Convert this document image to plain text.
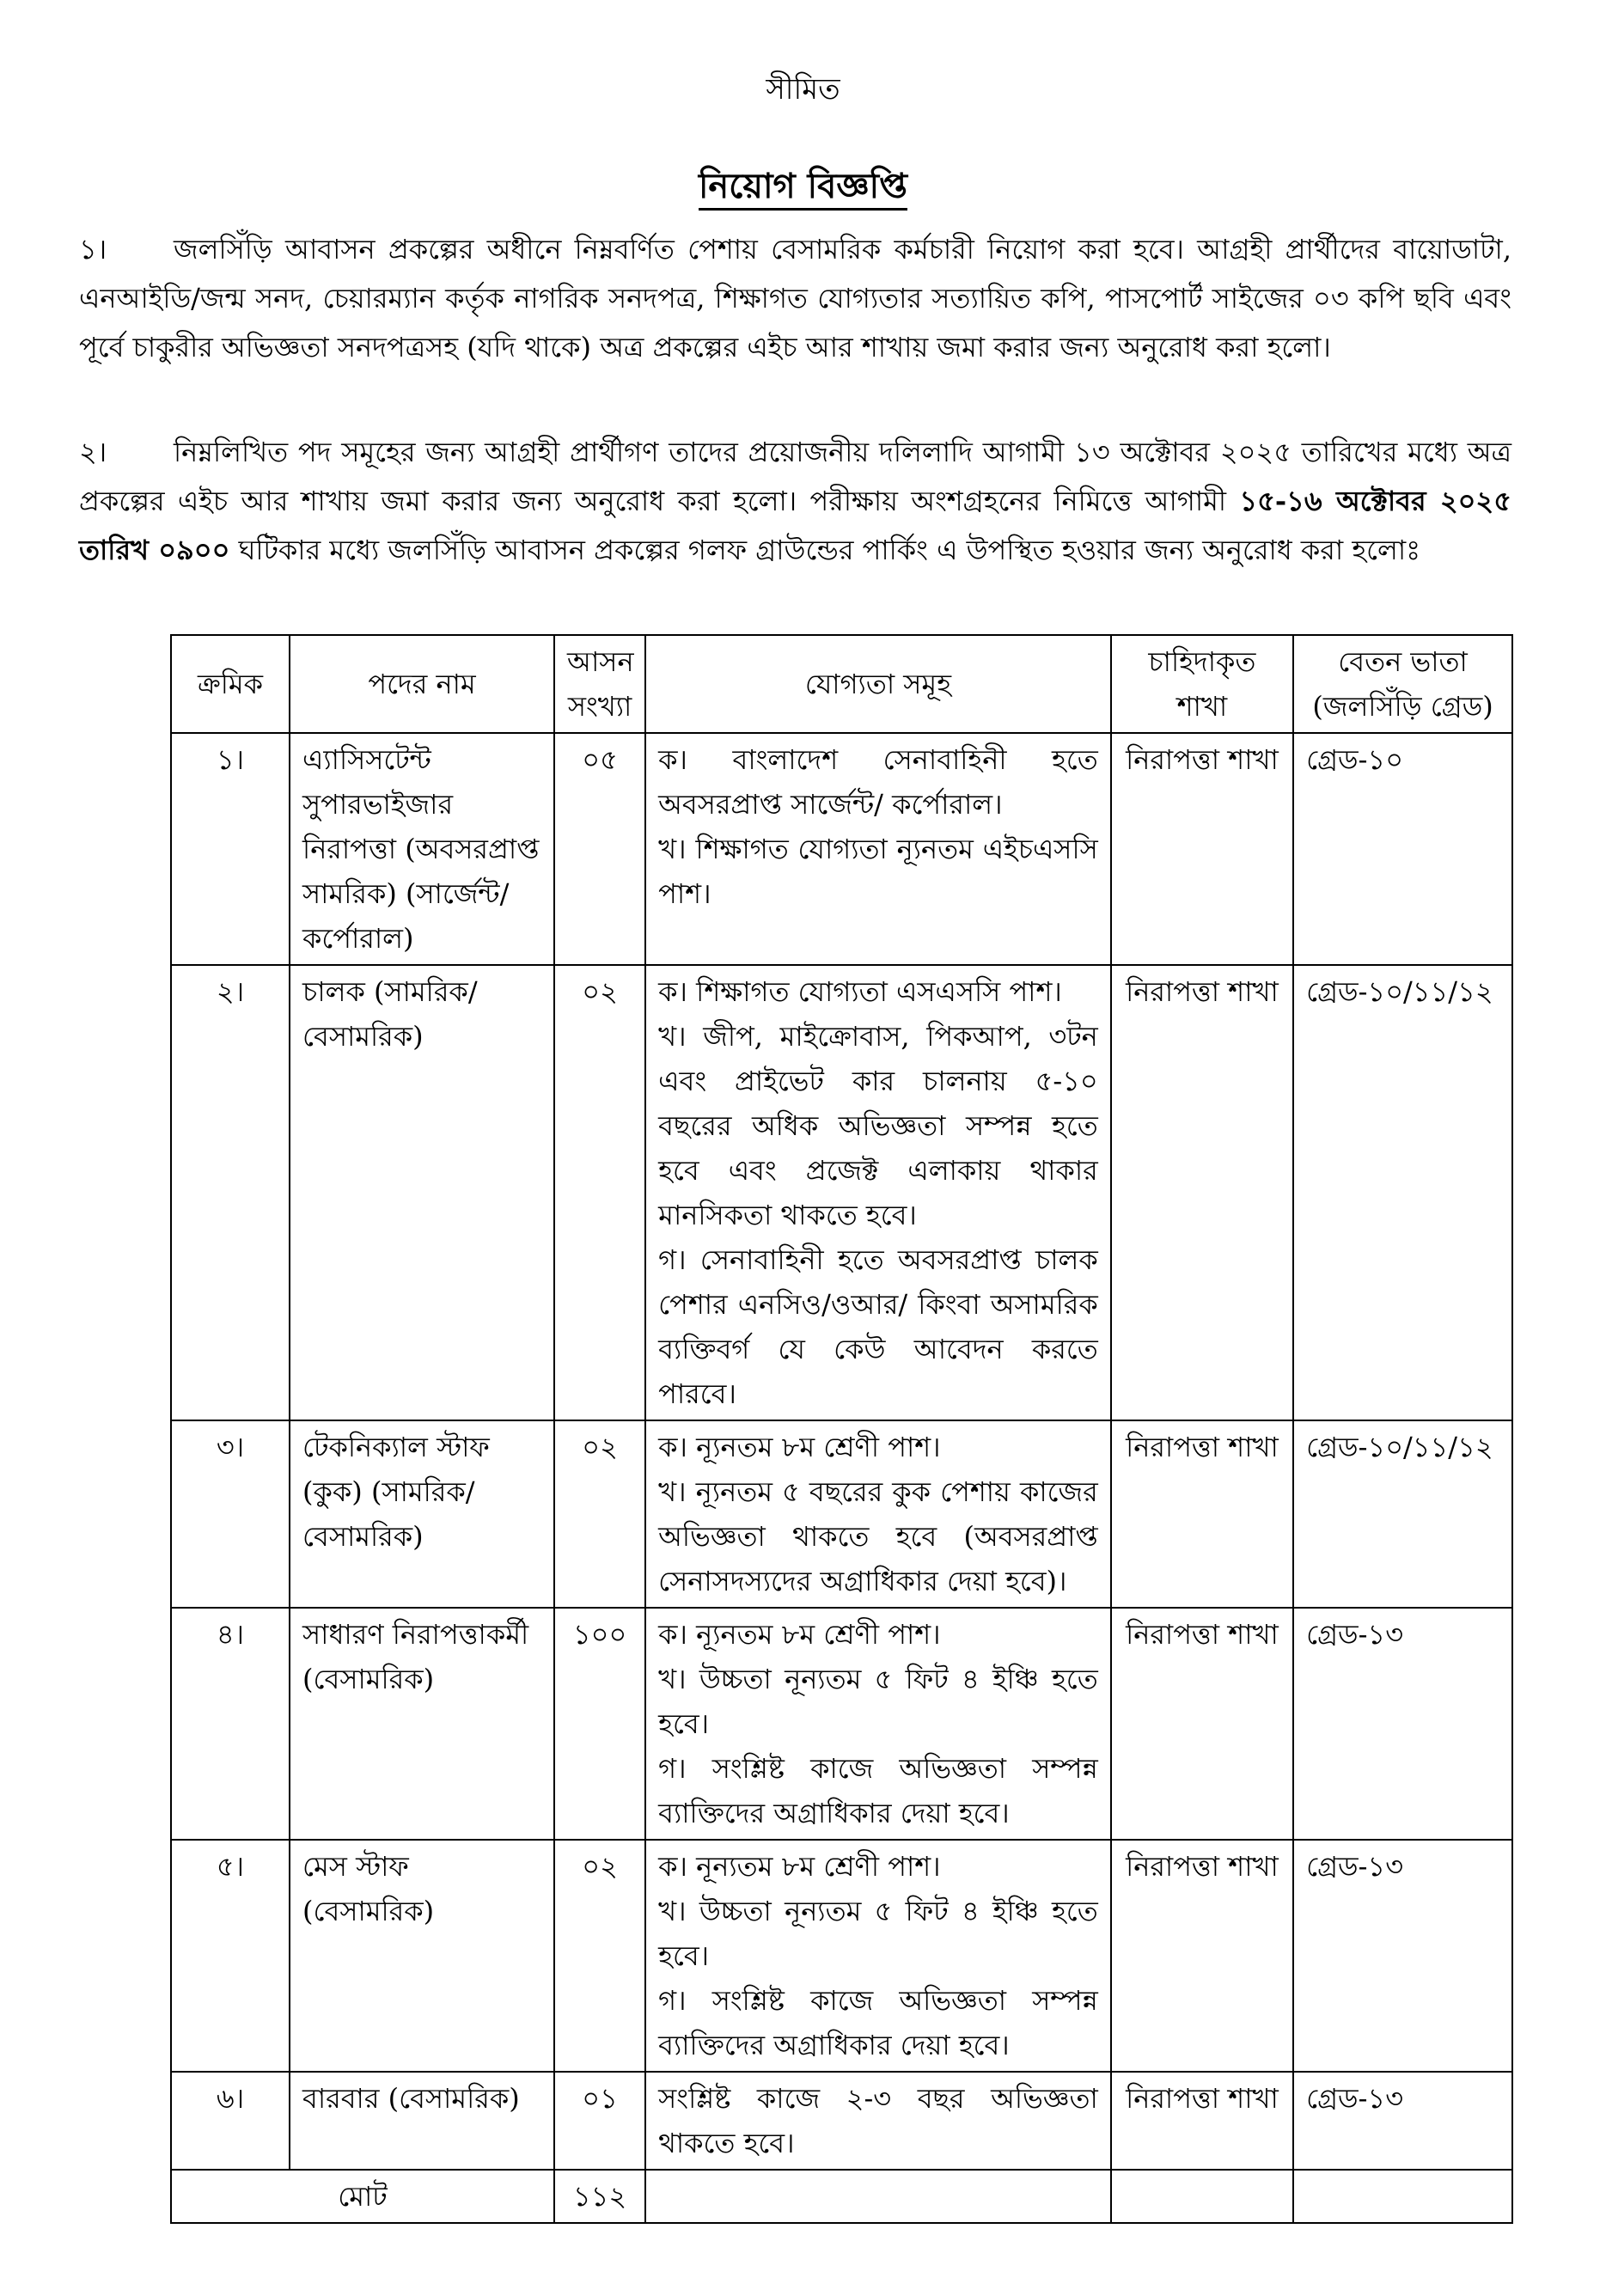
সীমিত
নিয়োগ বিজ্ঞপ্তি
১। জলসিঁড়ি আবাসন প্রকল্পের অধীনে নিম্নবর্ণিত পেশায় বেসামরিক কর্মচারী নিয়োগ করা হবে। আগ্রহী প্রার্থীদের বায়োডাটা, এনআইডি/জন্ম সনদ, চেয়ারম্যান কর্তৃক নাগরিক সনদপত্র, শিক্ষাগত যোগ্যতার সত্যায়িত কপি, পাসপোর্ট সাইজের ০৩ কপি ছবি এবং পূর্বে চাকুরীর অভিজ্ঞতা সনদপত্রসহ (যদি থাকে) অত্র প্রকল্পের এইচ আর শাখায় জমা করার জন্য অনুরোধ করা হলো।
২। নিম্নলিখিত পদ সমূহের জন্য আগ্রহী প্রার্থীগণ তাদের প্রয়োজনীয় দলিলাদি আগামী ১৩ অক্টোবর ২০২৫ তারিখের মধ্যে অত্র প্রকল্পের এইচ আর শাখায় জমা করার জন্য অনুরোধ করা হলো। পরীক্ষায় অংশগ্রহনের নিমিত্তে আগামী ১৫-১৬ অক্টোবর ২০২৫ তারিখ ০৯০০ ঘটিকার মধ্যে জলসিঁড়ি আবাসন প্রকল্পের গলফ গ্রাউন্ডের পার্কিং এ উপস্থিত হওয়ার জন্য অনুরোধ করা হলোঃ
ক্রমিক	পদের নাম	আসন সংখ্যা	যোগ্যতা সমূহ	চাহিদাকৃত শাখা	বেতন ভাতা (জলসিঁড়ি গ্রেড)
১।	এ্যাসিসটেন্ট সুপারভাইজার নিরাপত্তা (অবসরপ্রাপ্ত সামরিক) (সার্জেন্ট/কর্পোরাল)	০৫	ক। বাংলাদেশ সেনাবাহিনী হতে অবসরপ্রাপ্ত সার্জেন্ট/ কর্পোরাল।
খ। শিক্ষাগত যোগ্যতা ন্যূনতম এইচএসসি পাশ।	নিরাপত্তা শাখা	গ্রেড-১০
২।	চালক (সামরিক/বেসামরিক)	০২	ক। শিক্ষাগত যোগ্যতা এসএসসি পাশ।
খ। জীপ, মাইক্রোবাস, পিকআপ, ৩টন এবং প্রাইভেট কার চালনায় ৫-১০ বছরের অধিক অভিজ্ঞতা সম্পন্ন হতে হবে এবং প্রজেক্ট এলাকায় থাকার মানসিকতা থাকতে হবে।
গ। সেনাবাহিনী হতে অবসরপ্রাপ্ত চালক পেশার এনসিও/ওআর/ কিংবা অসামরিক ব্যক্তিবর্গ যে কেউ আবেদন করতে পারবে।	নিরাপত্তা শাখা	গ্রেড-১০/১১/১২
৩।	টেকনিক্যাল স্টাফ (কুক) (সামরিক/বেসামরিক)	০২	ক। ন্যূনতম ৮ম শ্রেণী পাশ।
খ। ন্যূনতম ৫ বছরের কুক পেশায় কাজের অভিজ্ঞতা থাকতে হবে (অবসরপ্রাপ্ত সেনাসদস্যদের অগ্রাধিকার দেয়া হবে)।	নিরাপত্তা শাখা	গ্রেড-১০/১১/১২
৪।	সাধারণ নিরাপত্তাকর্মী (বেসামরিক)	১০০	ক। ন্যূনতম ৮ম শ্রেণী পাশ।
খ। উচ্চতা নূন্যতম ৫ ফিট ৪ ইঞ্চি হতে হবে।
গ। সংশ্লিষ্ট কাজে অভিজ্ঞতা সম্পন্ন ব্যাক্তিদের অগ্রাধিকার দেয়া হবে।	নিরাপত্তা শাখা	গ্রেড-১৩
৫।	মেস স্টাফ (বেসামরিক)	০২	ক। নূন্যতম ৮ম শ্রেণী পাশ।
খ। উচ্চতা নূন্যতম ৫ ফিট ৪ ইঞ্চি হতে হবে।
গ। সংশ্লিষ্ট কাজে অভিজ্ঞতা সম্পন্ন ব্যাক্তিদের অগ্রাধিকার দেয়া হবে।	নিরাপত্তা শাখা	গ্রেড-১৩
৬।	বারবার (বেসামরিক)	০১	সংশ্লিষ্ট কাজে ২-৩ বছর অভিজ্ঞতা থাকতে হবে।	নিরাপত্তা শাখা	গ্রেড-১৩
মোট		১১২			
